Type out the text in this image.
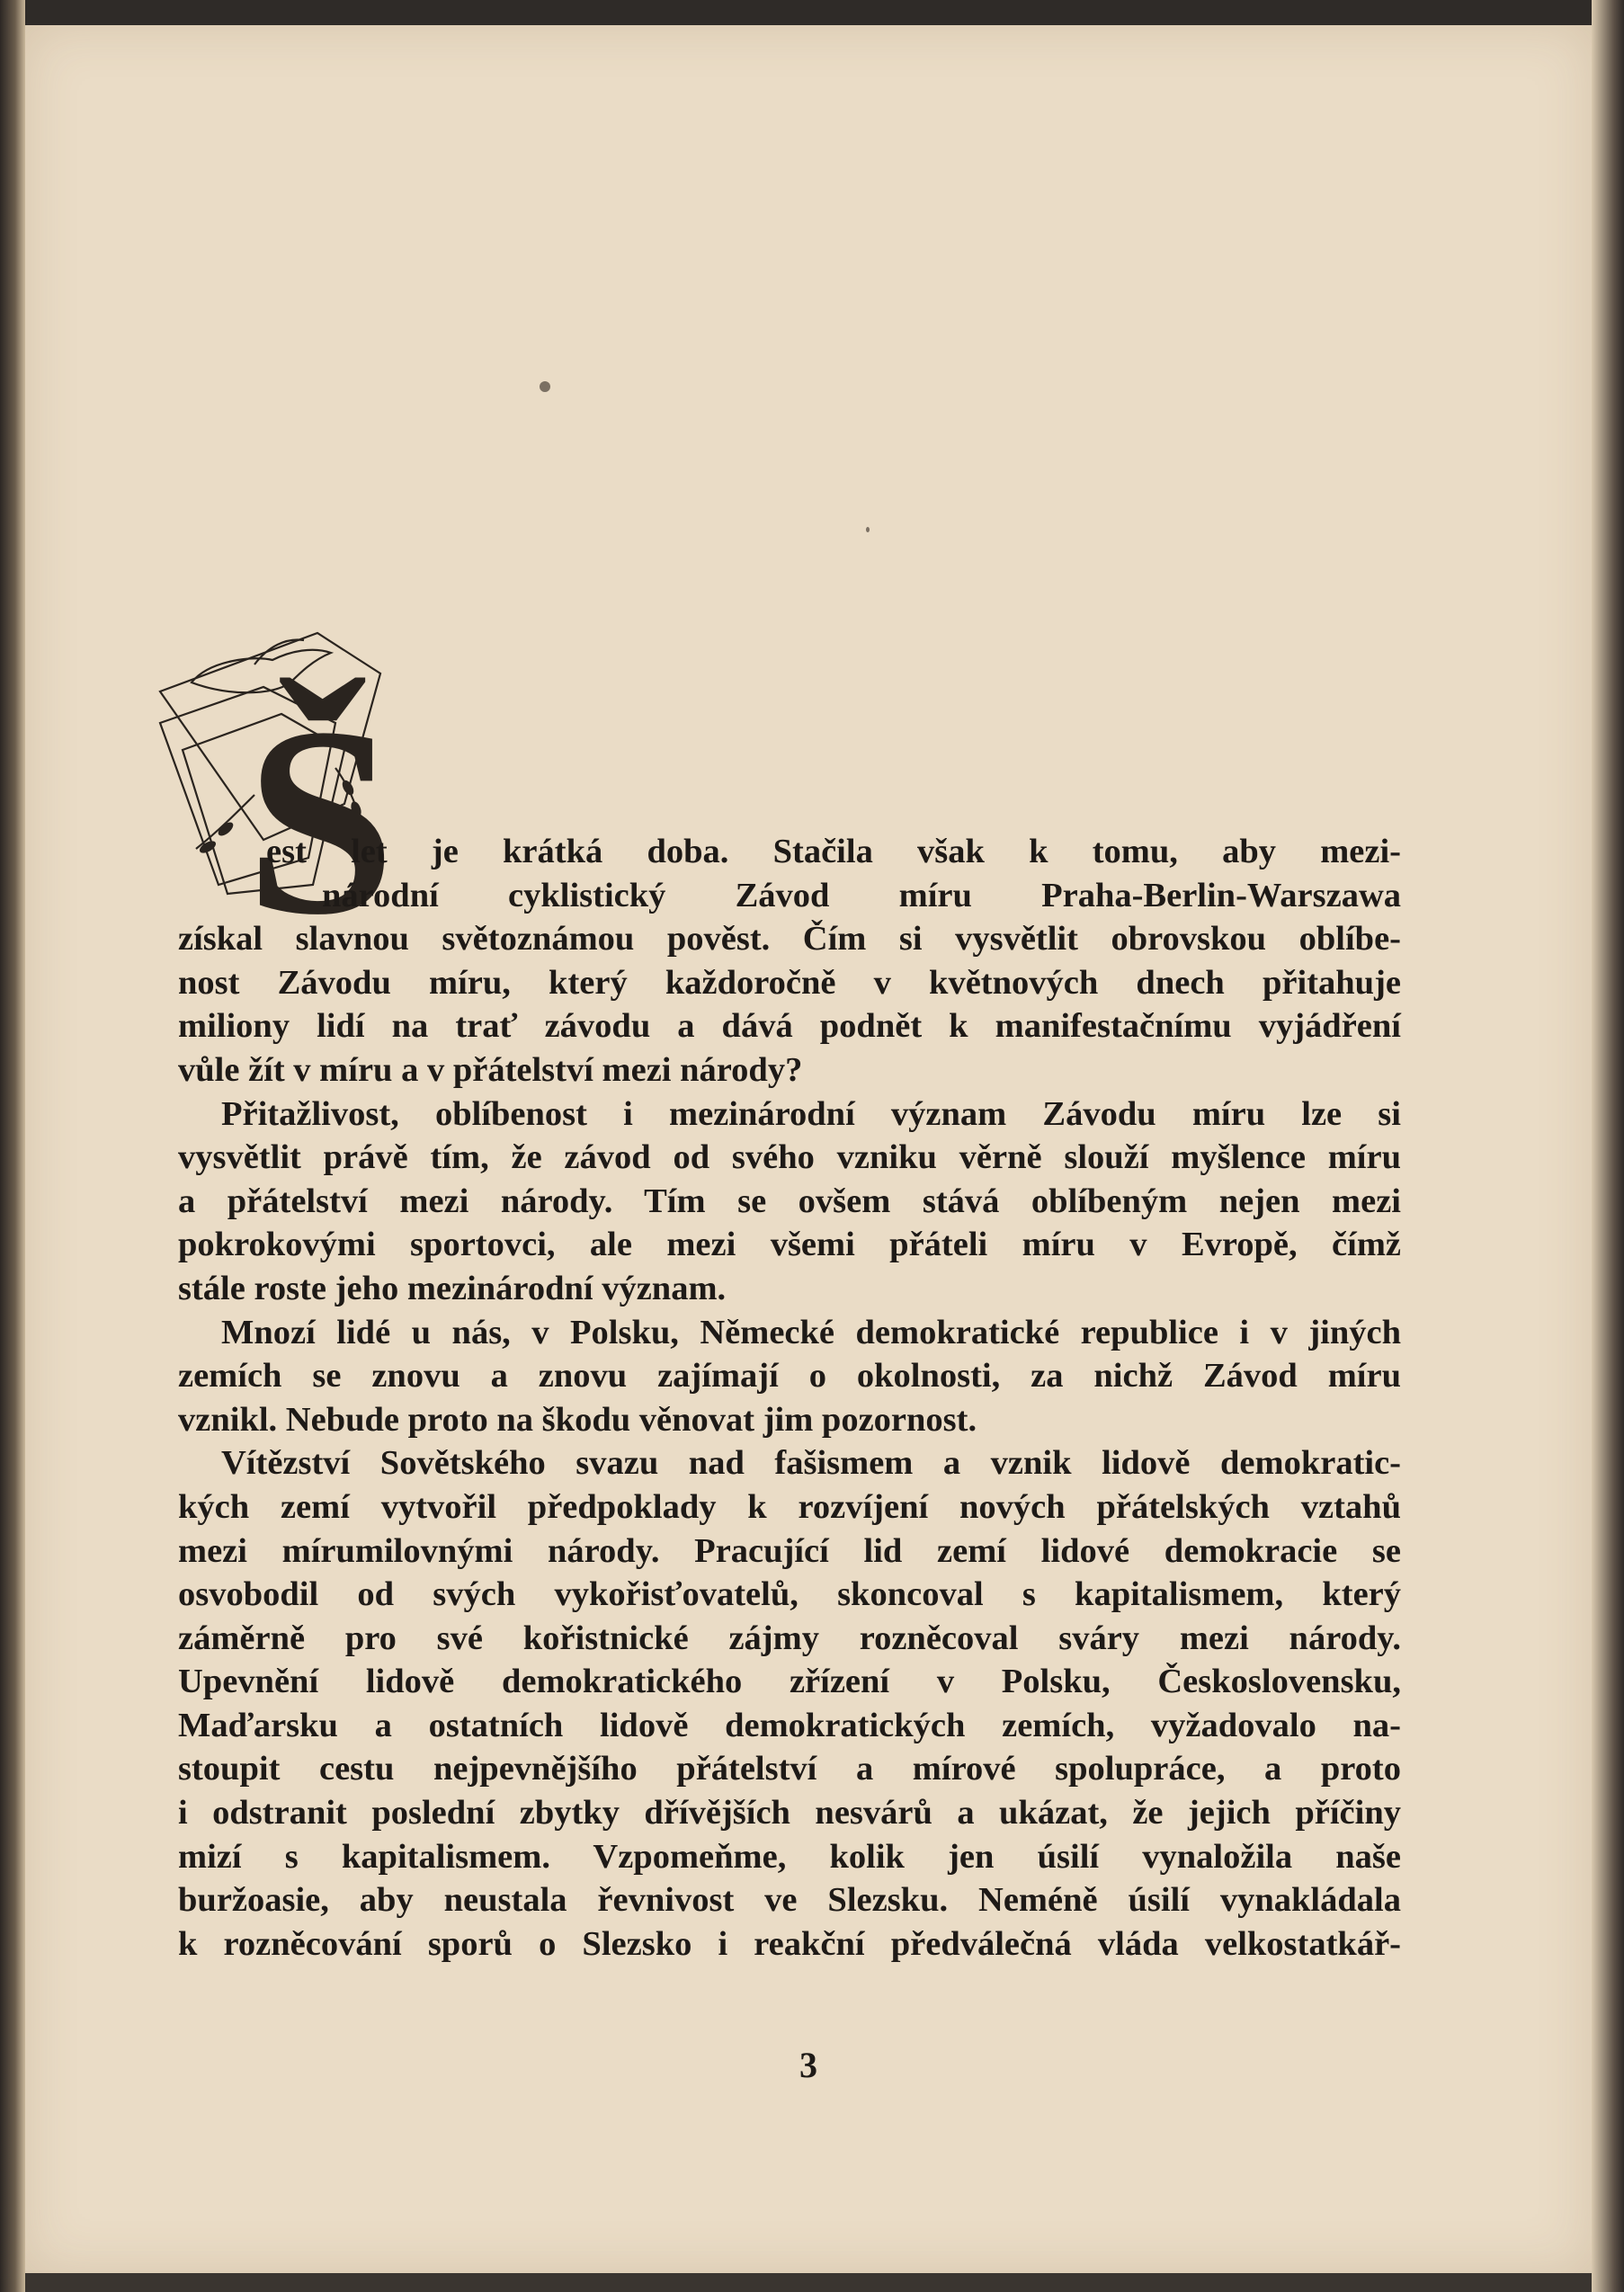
Š
est let je krátká doba. Stačila však k tomu, aby mezi-
národní cyklistický Závod míru Praha-Berlin-Warszawa
získal slavnou světoznámou pověst. Čím si vysvětlit obrovskou oblíbe-
nost Závodu míru, který každoročně v květnových dnech přitahuje
miliony lidí na trať závodu a dává podnět k manifestačnímu vyjádření
vůle žít v míru a v přátelství mezi národy?
Přitažlivost, oblíbenost i mezinárodní význam Závodu míru lze si
vysvětlit právě tím, že závod od svého vzniku věrně slouží myšlence míru
a přátelství mezi národy. Tím se ovšem stává oblíbeným nejen mezi
pokrokovými sportovci, ale mezi všemi přáteli míru v Evropě, čímž
stále roste jeho mezinárodní význam.
Mnozí lidé u nás, v Polsku, Německé demokratické republice i v jiných
zemích se znovu a znovu zajímají o okolnosti, za nichž Závod míru
vznikl. Nebude proto na škodu věnovat jim pozornost.
Vítězství Sovětského svazu nad fašismem a vznik lidově demokratic-
kých zemí vytvořil předpoklady k rozvíjení nových přátelských vztahů
mezi mírumilovnými národy. Pracující lid zemí lidové demokracie se
osvobodil od svých vykořisťovatelů, skoncoval s kapitalismem, který
záměrně pro své kořistnické zájmy rozněcoval sváry mezi národy.
Upevnění lidově demokratického zřízení v Polsku, Československu,
Maďarsku a ostatních lidově demokratických zemích, vyžadovalo na-
stoupit cestu nejpevnějšího přátelství a mírové spolupráce, a proto
i odstranit poslední zbytky dřívějších nesvárů a ukázat, že jejich příčiny
mizí s kapitalismem. Vzpomeňme, kolik jen úsilí vynaložila naše
buržoasie, aby neustala řevnivost ve Slezsku. Neméně úsilí vynakládala
k rozněcování sporů o Slezsko i reakční předválečná vláda velkostatkář-
3
